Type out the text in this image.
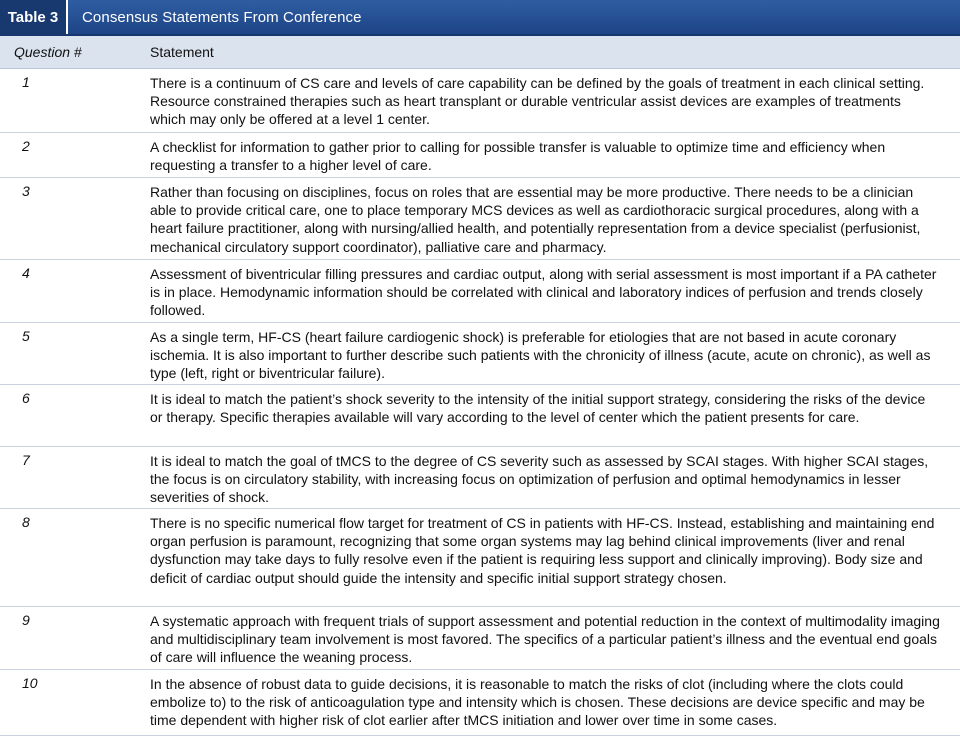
Table 3	Consensus Statements From Conference
Question #	Statement
1	There is a continuum of CS care and levels of care capability can be defined by the goals of treatment in each clinical setting. Resource constrained therapies such as heart transplant or durable ventricular assist devices are examples of treatments which may only be offered at a level 1 center.
2	A checklist for information to gather prior to calling for possible transfer is valuable to optimize time and efficiency when requesting a transfer to a higher level of care.
3	Rather than focusing on disciplines, focus on roles that are essential may be more productive. There needs to be a clinician able to provide critical care, one to place temporary MCS devices as well as cardiothoracic surgical procedures, along with a heart failure practitioner, along with nursing/allied health, and potentially representation from a device specialist (perfusionist, mechanical circulatory support coordinator), palliative care and pharmacy.
4	Assessment of biventricular filling pressures and cardiac output, along with serial assessment is most important if a PA catheter is in place. Hemodynamic information should be correlated with clinical and laboratory indices of perfusion and trends closely followed.
5	As a single term, HF-CS (heart failure cardiogenic shock) is preferable for etiologies that are not based in acute coronary ischemia. It is also important to further describe such patients with the chronicity of illness (acute, acute on chronic), as well as type (left, right or biventricular failure).
6	It is ideal to match the patient’s shock severity to the intensity of the initial support strategy, considering the risks of the device or therapy. Specific therapies available will vary according to the level of center which the patient presents for care.
7	It is ideal to match the goal of tMCS to the degree of CS severity such as assessed by SCAI stages. With higher SCAI stages, the focus is on circulatory stability, with increasing focus on optimization of perfusion and optimal hemodynamics in lesser severities of shock.
8	There is no specific numerical flow target for treatment of CS in patients with HF-CS. Instead, establishing and maintaining end organ perfusion is paramount, recognizing that some organ systems may lag behind clinical improvements (liver and renal dysfunction may take days to fully resolve even if the patient is requiring less support and clinically improving). Body size and deficit of cardiac output should guide the intensity and specific initial support strategy chosen.
9	A systematic approach with frequent trials of support assessment and potential reduction in the context of multimodality imaging and multidisciplinary team involvement is most favored. The specifics of a particular patient’s illness and the eventual end goals of care will influence the weaning process.
10	In the absence of robust data to guide decisions, it is reasonable to match the risks of clot (including where the clots could embolize to) to the risk of anticoagulation type and intensity which is chosen. These decisions are device specific and may be time dependent with higher risk of clot earlier after tMCS initiation and lower over time in some cases.
